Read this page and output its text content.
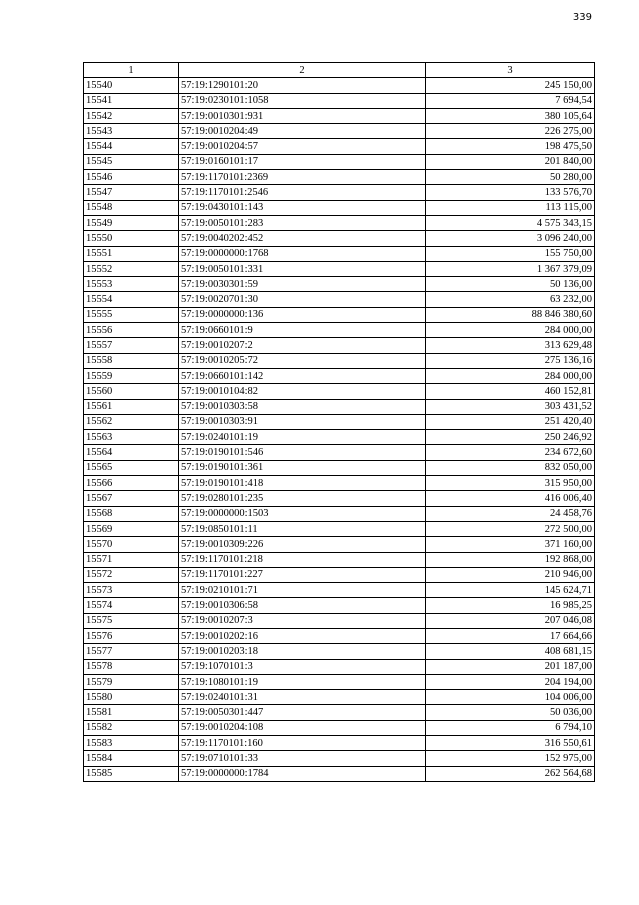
339
1	2	3
15540	57:19:1290101:20	245 150,00
15541	57:19:0230101:1058	7 694,54
15542	57:19:0010301:931	380 105,64
15543	57:19:0010204:49	226 275,00
15544	57:19:0010204:57	198 475,50
15545	57:19:0160101:17	201 840,00
15546	57:19:1170101:2369	50 280,00
15547	57:19:1170101:2546	133 576,70
15548	57:19:0430101:143	113 115,00
15549	57:19:0050101:283	4 575 343,15
15550	57:19:0040202:452	3 096 240,00
15551	57:19:0000000:1768	155 750,00
15552	57:19:0050101:331	1 367 379,09
15553	57:19:0030301:59	50 136,00
15554	57:19:0020701:30	63 232,00
15555	57:19:0000000:136	88 846 380,60
15556	57:19:0660101:9	284 000,00
15557	57:19:0010207:2	313 629,48
15558	57:19:0010205:72	275 136,16
15559	57:19:0660101:142	284 000,00
15560	57:19:0010104:82	460 152,81
15561	57:19:0010303:58	303 431,52
15562	57:19:0010303:91	251 420,40
15563	57:19:0240101:19	250 246,92
15564	57:19:0190101:546	234 672,60
15565	57:19:0190101:361	832 050,00
15566	57:19:0190101:418	315 950,00
15567	57:19:0280101:235	416 006,40
15568	57:19:0000000:1503	24 458,76
15569	57:19:0850101:11	272 500,00
15570	57:19:0010309:226	371 160,00
15571	57:19:1170101:218	192 868,00
15572	57:19:1170101:227	210 946,00
15573	57:19:0210101:71	145 624,71
15574	57:19:0010306:58	16 985,25
15575	57:19:0010207:3	207 046,08
15576	57:19:0010202:16	17 664,66
15577	57:19:0010203:18	408 681,15
15578	57:19:1070101:3	201 187,00
15579	57:19:1080101:19	204 194,00
15580	57:19:0240101:31	104 006,00
15581	57:19:0050301:447	50 036,00
15582	57:19:0010204:108	6 794,10
15583	57:19:1170101:160	316 550,61
15584	57:19:0710101:33	152 975,00
15585	57:19:0000000:1784	262 564,68
